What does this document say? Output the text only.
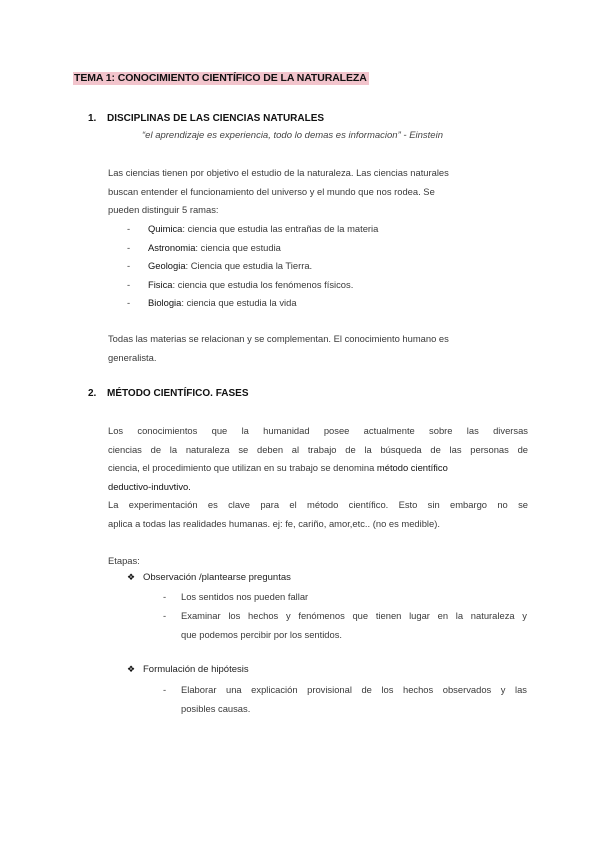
TEMA 1: CONOCIMIENTO CIENTÍFICO DE LA NATURALEZA
1. DISCIPLINAS DE LAS CIENCIAS NATURALES
“el aprendizaje es experiencia, todo lo demas es informacion” - Einstein
Las ciencias tienen por objetivo el estudio de la naturaleza. Las ciencias naturales
buscan entender el funcionamiento del universo y el mundo que nos rodea. Se
pueden distinguir 5 ramas:
- Quimica: ciencia que estudia las entrañas de la materia
- Astronomia: ciencia que estudia
- Geologia: Ciencia que estudia la Tierra.
- Fisica: ciencia que estudia los fenómenos físicos.
- Biologia: ciencia que estudia la vida
Todas las materias se relacionan y se complementan. El conocimiento humano es
generalista.
2. MÉTODO CIENTÍFICO. FASES
Los conocimientos que la humanidad posee actualmente sobre las diversas
ciencias de la naturaleza se deben al trabajo de la búsqueda de las personas de
ciencia, el procedimiento que utilizan en su trabajo se denomina método científico
deductivo-induvtivo.
La experimentación es clave para el método científico. Esto sin embargo no se
aplica a todas las realidades humanas. ej: fe, cariño, amor,etc.. (no es medible).
Etapas:
❖ Observación /plantearse preguntas
- Los sentidos nos pueden fallar
- Examinar los hechos y fenómenos que tienen lugar en la naturaleza y
que podemos percibir por los sentidos.
❖ Formulación de hipótesis
- Elaborar una explicación provisional de los hechos observados y las
posibles causas.
